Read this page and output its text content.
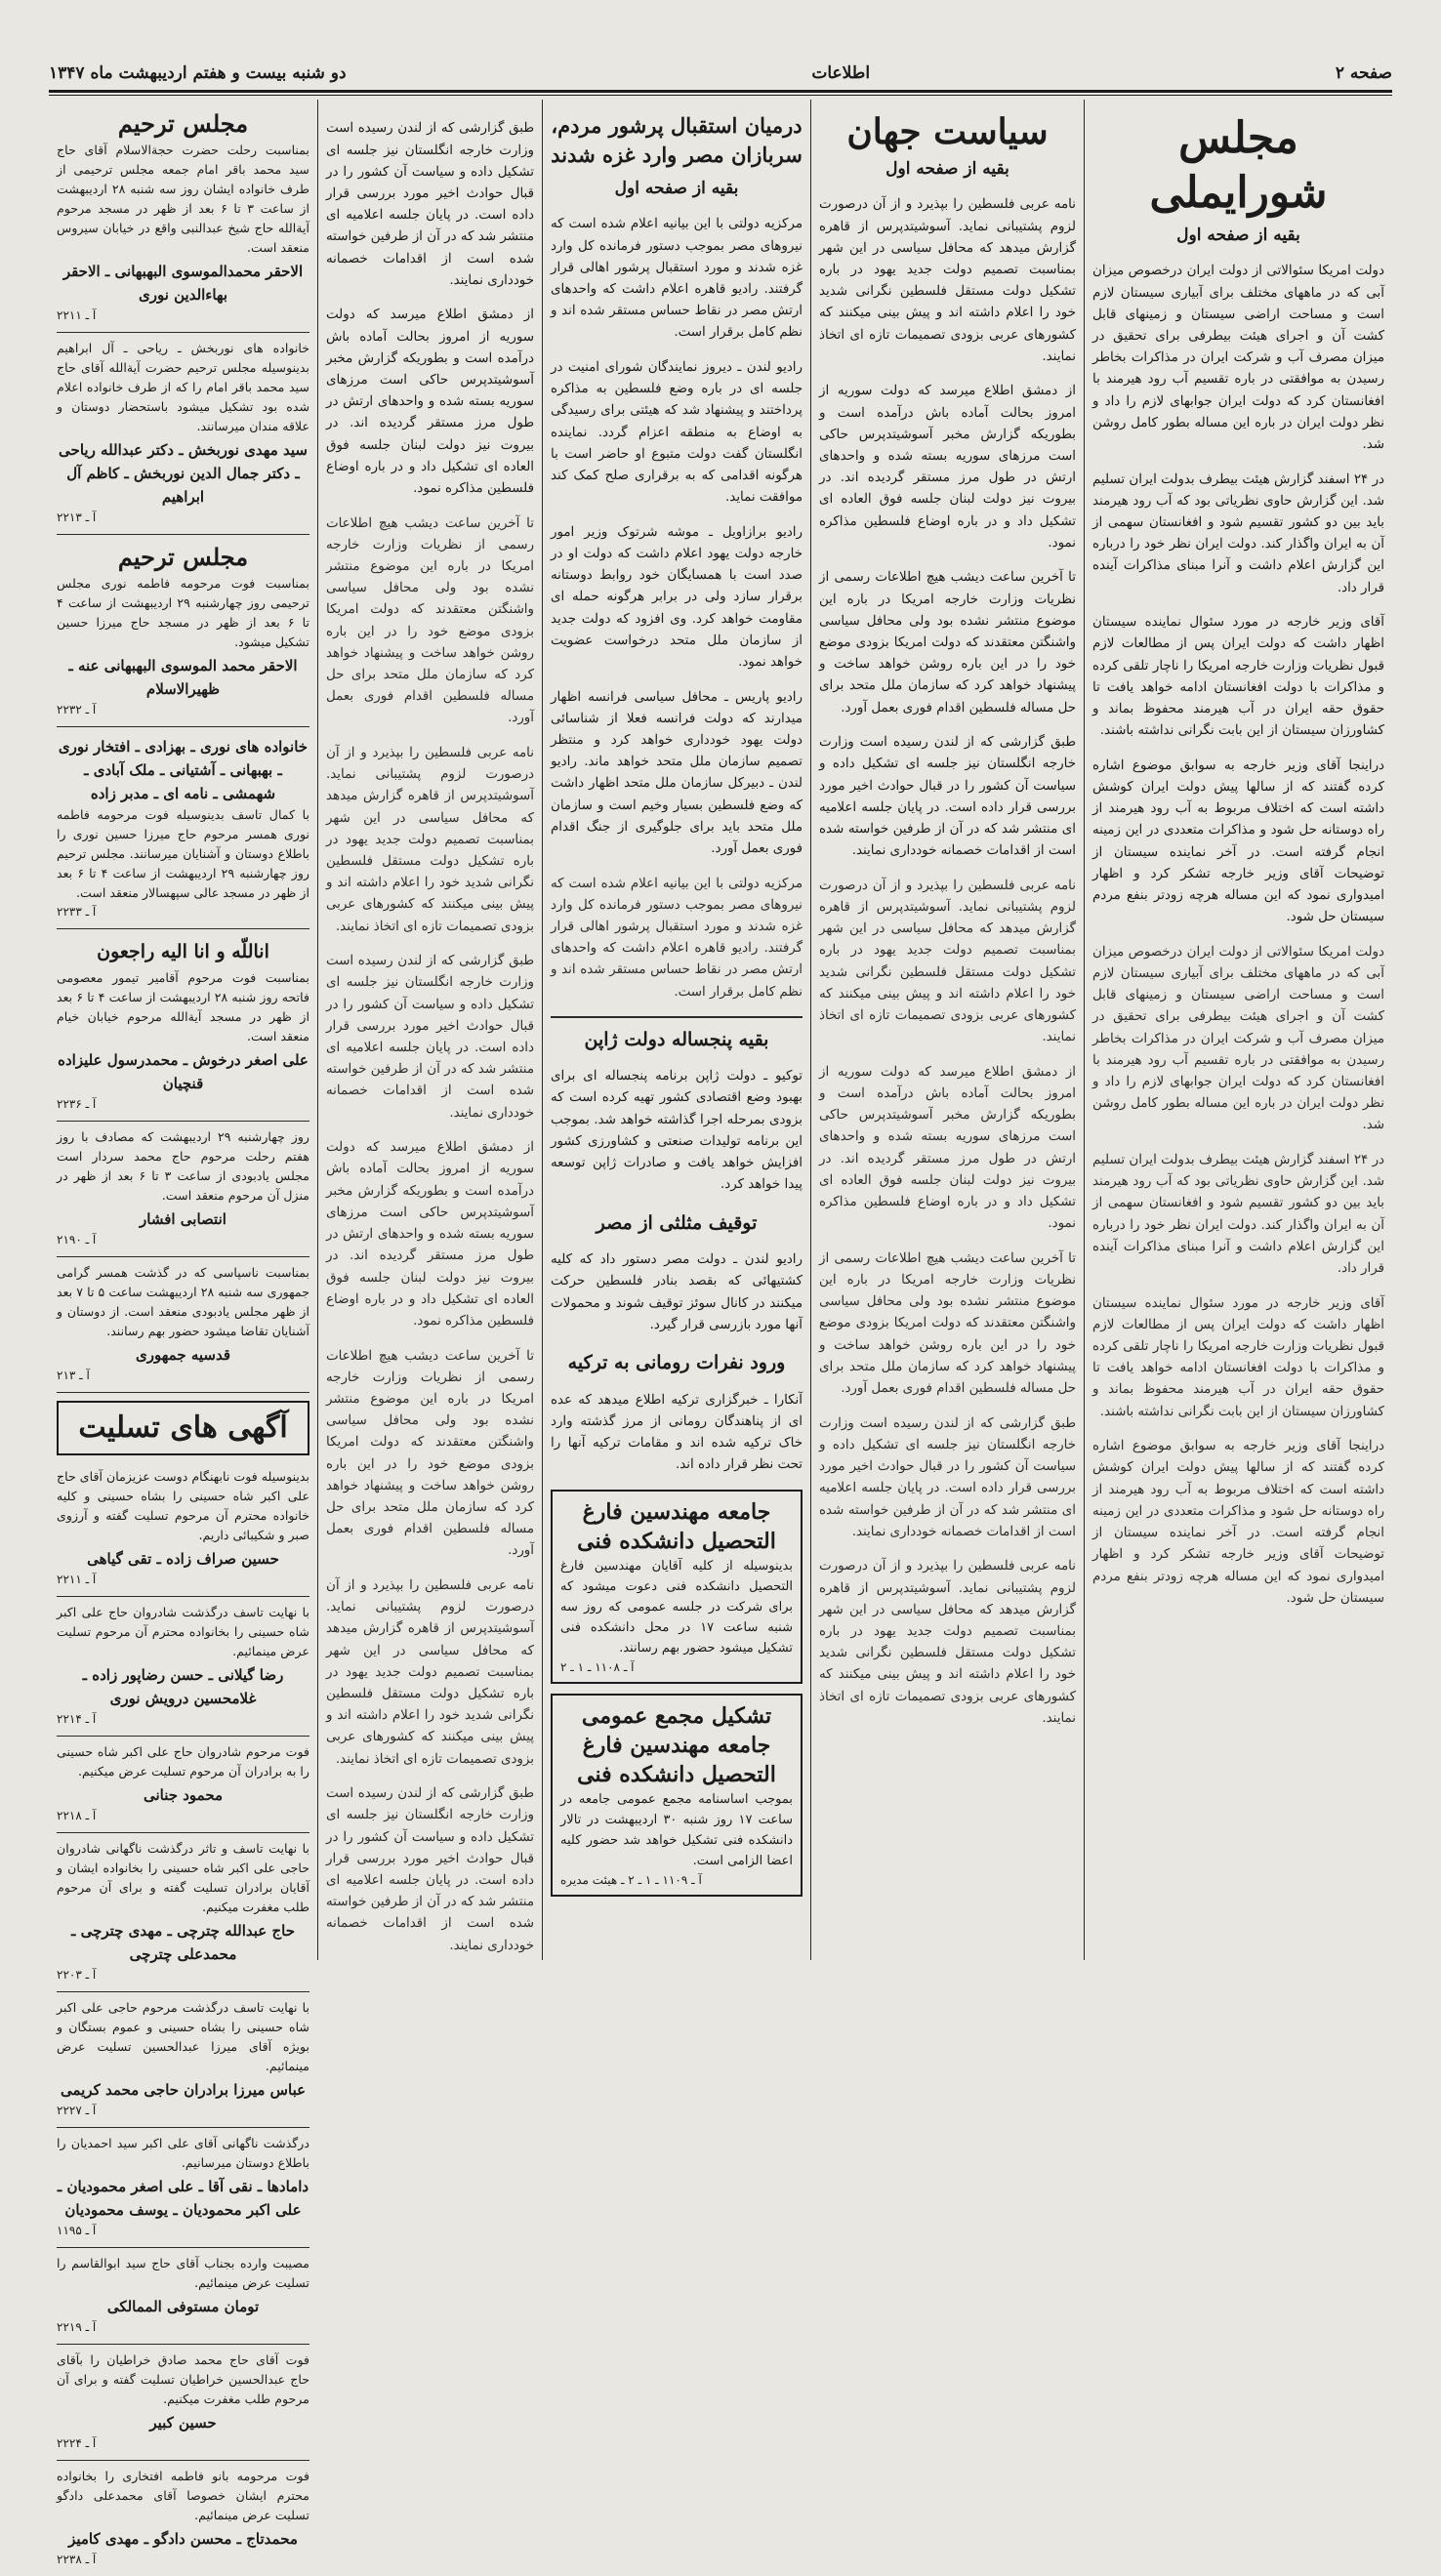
صفحه ۲
اطلاعات
دو شنبه بیست و هفتم اردیبهشت ماه ۱۳۴۷
مجلس شورایملی
بقیه از صفحه اول

دولت امریکا سئوالاتی از دولت ایران درخصوص میزان آبی که در ماههای مختلف برای آبیاری سیستان لازم است و مساحت اراضی سیستان و زمینهای قابل کشت آن و اجرای هیئت بیطرفی برای تحقیق در میزان مصرف آب و شرکت ایران در مذاکرات بخاطر رسیدن به موافقتی در باره تقسیم آب رود هیرمند با افغانستان کرد که دولت ایران جوابهای لازم را داد و نظر دولت ایران در باره این مساله بطور کامل روشن شد.

در ۲۴ اسفند گزارش هیئت بیطرف بدولت ایران تسلیم شد. این گزارش حاوی نظریاتی بود که آب رود هیرمند باید بین دو کشور تقسیم شود و افغانستان سهمی از آن به ایران واگذار کند. دولت ایران نظر خود را درباره این گزارش اعلام داشت و آنرا مبنای مذاکرات آینده قرار داد.

آقای وزیر خارجه در مورد سئوال نماینده سیستان اظهار داشت که دولت ایران پس از مطالعات لازم قبول نظریات وزارت خارجه امریکا را ناچار تلقی کرده و مذاکرات با دولت افغانستان ادامه خواهد یافت تا حقوق حقه ایران در آب هیرمند محفوظ بماند و کشاورزان سیستان از این بابت نگرانی نداشته باشند.

دراینجا آقای وزیر خارجه به سوابق موضوع اشاره کرده گفتند که از سالها پیش دولت ایران کوشش داشته است که اختلاف مربوط به آب رود هیرمند از راه دوستانه حل شود و مذاکرات متعددی در این زمینه انجام گرفته است. در آخر نماینده سیستان از توضیحات آقای وزیر خارجه تشکر کرد و اظهار امیدواری نمود که این مساله هرچه زودتر بنفع مردم سیستان حل شود.

دولت امریکا سئوالاتی از دولت ایران درخصوص میزان آبی که در ماههای مختلف برای آبیاری سیستان لازم است و مساحت اراضی سیستان و زمینهای قابل کشت آن و اجرای هیئت بیطرفی برای تحقیق در میزان مصرف آب و شرکت ایران در مذاکرات بخاطر رسیدن به موافقتی در باره تقسیم آب رود هیرمند با افغانستان کرد که دولت ایران جوابهای لازم را داد و نظر دولت ایران در باره این مساله بطور کامل روشن شد.

در ۲۴ اسفند گزارش هیئت بیطرف بدولت ایران تسلیم شد. این گزارش حاوی نظریاتی بود که آب رود هیرمند باید بین دو کشور تقسیم شود و افغانستان سهمی از آن به ایران واگذار کند. دولت ایران نظر خود را درباره این گزارش اعلام داشت و آنرا مبنای مذاکرات آینده قرار داد.

آقای وزیر خارجه در مورد سئوال نماینده سیستان اظهار داشت که دولت ایران پس از مطالعات لازم قبول نظریات وزارت خارجه امریکا را ناچار تلقی کرده و مذاکرات با دولت افغانستان ادامه خواهد یافت تا حقوق حقه ایران در آب هیرمند محفوظ بماند و کشاورزان سیستان از این بابت نگرانی نداشته باشند.

دراینجا آقای وزیر خارجه به سوابق موضوع اشاره کرده گفتند که از سالها پیش دولت ایران کوشش داشته است که اختلاف مربوط به آب رود هیرمند از راه دوستانه حل شود و مذاکرات متعددی در این زمینه انجام گرفته است. در آخر نماینده سیستان از توضیحات آقای وزیر خارجه تشکر کرد و اظهار امیدواری نمود که این مساله هرچه زودتر بنفع مردم سیستان حل شود.

سیاست جهان
بقیه از صفحه اول

نامه عربی فلسطین را بپذیرد و از آن درصورت لزوم پشتیبانی نماید. آسوشیتدپرس از قاهره گزارش میدهد که محافل سیاسی در این شهر بمناسبت تصمیم دولت جدید یهود در باره تشکیل دولت مستقل فلسطین نگرانی شدید خود را اعلام داشته اند و پیش بینی میکنند که کشورهای عربی بزودی تصمیمات تازه ای اتخاذ نمایند.

از دمشق اطلاع میرسد که دولت سوریه از امروز بحالت آماده باش درآمده است و بطوریکه گزارش مخبر آسوشیتدپرس حاکی است مرزهای سوریه بسته شده و واحدهای ارتش در طول مرز مستقر گردیده اند. در بیروت نیز دولت لبنان جلسه فوق العاده ای تشکیل داد و در باره اوضاع فلسطین مذاکره نمود.

تا آخرین ساعت دیشب هیچ اطلاعات رسمی از نظریات وزارت خارجه امریکا در باره این موضوع منتشر نشده بود ولی محافل سیاسی واشنگتن معتقدند که دولت امریکا بزودی موضع خود را در این باره روشن خواهد ساخت و پیشنهاد خواهد کرد که سازمان ملل متحد برای حل مساله فلسطین اقدام فوری بعمل آورد.

طبق گزارشی که از لندن رسیده است وزارت خارجه انگلستان نیز جلسه ای تشکیل داده و سیاست آن کشور را در قبال حوادث اخیر مورد بررسی قرار داده است. در پایان جلسه اعلامیه ای منتشر شد که در آن از طرفین خواسته شده است از اقدامات خصمانه خودداری نمایند.

نامه عربی فلسطین را بپذیرد و از آن درصورت لزوم پشتیبانی نماید. آسوشیتدپرس از قاهره گزارش میدهد که محافل سیاسی در این شهر بمناسبت تصمیم دولت جدید یهود در باره تشکیل دولت مستقل فلسطین نگرانی شدید خود را اعلام داشته اند و پیش بینی میکنند که کشورهای عربی بزودی تصمیمات تازه ای اتخاذ نمایند.

از دمشق اطلاع میرسد که دولت سوریه از امروز بحالت آماده باش درآمده است و بطوریکه گزارش مخبر آسوشیتدپرس حاکی است مرزهای سوریه بسته شده و واحدهای ارتش در طول مرز مستقر گردیده اند. در بیروت نیز دولت لبنان جلسه فوق العاده ای تشکیل داد و در باره اوضاع فلسطین مذاکره نمود.

تا آخرین ساعت دیشب هیچ اطلاعات رسمی از نظریات وزارت خارجه امریکا در باره این موضوع منتشر نشده بود ولی محافل سیاسی واشنگتن معتقدند که دولت امریکا بزودی موضع خود را در این باره روشن خواهد ساخت و پیشنهاد خواهد کرد که سازمان ملل متحد برای حل مساله فلسطین اقدام فوری بعمل آورد.

طبق گزارشی که از لندن رسیده است وزارت خارجه انگلستان نیز جلسه ای تشکیل داده و سیاست آن کشور را در قبال حوادث اخیر مورد بررسی قرار داده است. در پایان جلسه اعلامیه ای منتشر شد که در آن از طرفین خواسته شده است از اقدامات خصمانه خودداری نمایند.

نامه عربی فلسطین را بپذیرد و از آن درصورت لزوم پشتیبانی نماید. آسوشیتدپرس از قاهره گزارش میدهد که محافل سیاسی در این شهر بمناسبت تصمیم دولت جدید یهود در باره تشکیل دولت مستقل فلسطین نگرانی شدید خود را اعلام داشته اند و پیش بینی میکنند که کشورهای عربی بزودی تصمیمات تازه ای اتخاذ نمایند.

درمیان استقبال پرشور مردم، سربازان مصر وارد غزه شدند
بقیه از صفحه اول

مرکزیه دولتی با این بیانیه اعلام شده است که نیروهای مصر بموجب دستور فرمانده کل وارد غزه شدند و مورد استقبال پرشور اهالی قرار گرفتند. رادیو قاهره اعلام داشت که واحدهای ارتش مصر در نقاط حساس مستقر شده اند و نظم کامل برقرار است.

رادیو لندن ـ دیروز نمایندگان شورای امنیت در جلسه ای در باره وضع فلسطین به مذاکره پرداختند و پیشنهاد شد که هیئتی برای رسیدگی به اوضاع به منطقه اعزام گردد. نماینده انگلستان گفت دولت متبوع او حاضر است با هرگونه اقدامی که به برقراری صلح کمک کند موافقت نماید.

رادیو برازاویل ـ موشه شرتوک وزیر امور خارجه دولت یهود اعلام داشت که دولت او در صدد است با همسایگان خود روابط دوستانه برقرار سازد ولی در برابر هرگونه حمله ای مقاومت خواهد کرد. وی افزود که دولت جدید از سازمان ملل متحد درخواست عضویت خواهد نمود.

رادیو پاریس ـ محافل سیاسی فرانسه اظهار میدارند که دولت فرانسه فعلا از شناسائی دولت یهود خودداری خواهد کرد و منتظر تصمیم سازمان ملل متحد خواهد ماند. رادیو لندن ـ دبیرکل سازمان ملل متحد اظهار داشت که وضع فلسطین بسیار وخیم است و سازمان ملل متحد باید برای جلوگیری از جنگ اقدام فوری بعمل آورد.

مرکزیه دولتی با این بیانیه اعلام شده است که نیروهای مصر بموجب دستور فرمانده کل وارد غزه شدند و مورد استقبال پرشور اهالی قرار گرفتند. رادیو قاهره اعلام داشت که واحدهای ارتش مصر در نقاط حساس مستقر شده اند و نظم کامل برقرار است.

بقیه پنجساله دولت ژاپن

توکیو ـ دولت ژاپن برنامه پنجساله ای برای بهبود وضع اقتصادی کشور تهیه کرده است که بزودی بمرحله اجرا گذاشته خواهد شد. بموجب این برنامه تولیدات صنعتی و کشاورزی کشور افزایش خواهد یافت و صادرات ژاپن توسعه پیدا خواهد کرد.

توقیف مثلثی از مصر

رادیو لندن ـ دولت مصر دستور داد که کلیه کشتیهائی که بقصد بنادر فلسطین حرکت میکنند در کانال سوئز توقیف شوند و محمولات آنها مورد بازرسی قرار گیرد.

ورود نفرات رومانی به ترکیه

آنکارا ـ خبرگزاری ترکیه اطلاع میدهد که عده ای از پناهندگان رومانی از مرز گذشته وارد خاک ترکیه شده اند و مقامات ترکیه آنها را تحت نظر قرار داده اند.

جامعه مهندسین فارغ التحصیل دانشکده فنی
بدینوسیله از کلیه آقایان مهندسین فارغ التحصیل دانشکده فنی دعوت میشود که برای شرکت در جلسه عمومی که روز سه شنبه ساعت ۱۷ در محل دانشکده فنی تشکیل میشود حضور بهم رسانند.
آ ـ ۱۱۰۸ ـ ۱ ـ ۲
تشکیل مجمع عمومی جامعه مهندسین فارغ التحصیل دانشکده فنی
بموجب اساسنامه مجمع عمومی جامعه در ساعت ۱۷ روز شنبه ۳۰ اردیبهشت در تالار دانشکده فنی تشکیل خواهد شد حضور کلیه اعضا الزامی است.
آ ـ ۱۱۰۹ ـ ۱ ـ ۲ ـ هیئت مدیره

طبق گزارشی که از لندن رسیده است وزارت خارجه انگلستان نیز جلسه ای تشکیل داده و سیاست آن کشور را در قبال حوادث اخیر مورد بررسی قرار داده است. در پایان جلسه اعلامیه ای منتشر شد که در آن از طرفین خواسته شده است از اقدامات خصمانه خودداری نمایند.

از دمشق اطلاع میرسد که دولت سوریه از امروز بحالت آماده باش درآمده است و بطوریکه گزارش مخبر آسوشیتدپرس حاکی است مرزهای سوریه بسته شده و واحدهای ارتش در طول مرز مستقر گردیده اند. در بیروت نیز دولت لبنان جلسه فوق العاده ای تشکیل داد و در باره اوضاع فلسطین مذاکره نمود.

تا آخرین ساعت دیشب هیچ اطلاعات رسمی از نظریات وزارت خارجه امریکا در باره این موضوع منتشر نشده بود ولی محافل سیاسی واشنگتن معتقدند که دولت امریکا بزودی موضع خود را در این باره روشن خواهد ساخت و پیشنهاد خواهد کرد که سازمان ملل متحد برای حل مساله فلسطین اقدام فوری بعمل آورد.

نامه عربی فلسطین را بپذیرد و از آن درصورت لزوم پشتیبانی نماید. آسوشیتدپرس از قاهره گزارش میدهد که محافل سیاسی در این شهر بمناسبت تصمیم دولت جدید یهود در باره تشکیل دولت مستقل فلسطین نگرانی شدید خود را اعلام داشته اند و پیش بینی میکنند که کشورهای عربی بزودی تصمیمات تازه ای اتخاذ نمایند.

طبق گزارشی که از لندن رسیده است وزارت خارجه انگلستان نیز جلسه ای تشکیل داده و سیاست آن کشور را در قبال حوادث اخیر مورد بررسی قرار داده است. در پایان جلسه اعلامیه ای منتشر شد که در آن از طرفین خواسته شده است از اقدامات خصمانه خودداری نمایند.

از دمشق اطلاع میرسد که دولت سوریه از امروز بحالت آماده باش درآمده است و بطوریکه گزارش مخبر آسوشیتدپرس حاکی است مرزهای سوریه بسته شده و واحدهای ارتش در طول مرز مستقر گردیده اند. در بیروت نیز دولت لبنان جلسه فوق العاده ای تشکیل داد و در باره اوضاع فلسطین مذاکره نمود.

تا آخرین ساعت دیشب هیچ اطلاعات رسمی از نظریات وزارت خارجه امریکا در باره این موضوع منتشر نشده بود ولی محافل سیاسی واشنگتن معتقدند که دولت امریکا بزودی موضع خود را در این باره روشن خواهد ساخت و پیشنهاد خواهد کرد که سازمان ملل متحد برای حل مساله فلسطین اقدام فوری بعمل آورد.

نامه عربی فلسطین را بپذیرد و از آن درصورت لزوم پشتیبانی نماید. آسوشیتدپرس از قاهره گزارش میدهد که محافل سیاسی در این شهر بمناسبت تصمیم دولت جدید یهود در باره تشکیل دولت مستقل فلسطین نگرانی شدید خود را اعلام داشته اند و پیش بینی میکنند که کشورهای عربی بزودی تصمیمات تازه ای اتخاذ نمایند.

طبق گزارشی که از لندن رسیده است وزارت خارجه انگلستان نیز جلسه ای تشکیل داده و سیاست آن کشور را در قبال حوادث اخیر مورد بررسی قرار داده است. در پایان جلسه اعلامیه ای منتشر شد که در آن از طرفین خواسته شده است از اقدامات خصمانه خودداری نمایند.

مجلس ترحیم
بمناسبت رحلت حضرت حجةالاسلام آقای حاج سید محمد باقر امام جمعه مجلس ترحیمی از طرف خانواده ایشان روز سه شنبه ۲۸ اردیبهشت از ساعت ۳ تا ۶ بعد از ظهر در مسجد مرحوم آیةالله حاج شیخ عبدالنبی واقع در خیابان سیروس منعقد است.
الاحقر محمدالموسوی البهبهانی ـ الاحقر بهاءالدین نوری
آ ـ ۲۲۱۱
خانواده های نوربخش ـ ریاحی ـ آل ابراهیم بدینوسیله مجلس ترحیم حضرت آیةالله آقای حاج سید محمد باقر امام را که از طرف خانواده اعلام شده بود تشکیل میشود باستحضار دوستان و علاقه مندان میرسانند.
سید مهدی نوربخش ـ دکتر عبدالله ریاحی ـ دکتر جمال الدین نوربخش ـ کاظم آل ابراهیم
آ ـ ۲۲۱۳
مجلس ترحیم
بمناسبت فوت مرحومه فاطمه نوری مجلس ترحیمی روز چهارشنبه ۲۹ اردیبهشت از ساعت ۴ تا ۶ بعد از ظهر در مسجد حاج میرزا حسین تشکیل میشود.
الاحقر محمد الموسوی البهبهانی عنه ـ ظهیرالاسلام
آ ـ ۲۲۳۲
خانواده های نوری ـ بهزادی ـ افتخار نوری ـ بهبهانی ـ آشتیانی ـ ملک آبادی ـ شهمشی ـ نامه ای ـ مدبر زاده
با کمال تاسف بدینوسیله فوت مرحومه فاطمه نوری همسر مرحوم حاج میرزا حسین نوری را باطلاع دوستان و آشنایان میرسانند. مجلس ترحیم روز چهارشنبه ۲۹ اردیبهشت از ساعت ۴ تا ۶ بعد از ظهر در مسجد عالی سپهسالار منعقد است.
آ ـ ۲۲۳۳
اناللّه و انا الیه راجعون
بمناسبت فوت مرحوم آقامیر تیمور معصومی فاتحه روز شنبه ۲۸ اردیبهشت از ساعت ۴ تا ۶ بعد از ظهر در مسجد آیةالله مرحوم خیابان خیام منعقد است.
علی اصغر درخوش ـ محمدرسول علیزاده قنچیان
آ ـ ۲۲۳۶
روز چهارشنبه ۲۹ اردیبهشت که مصادف با روز هفتم رحلت مرحوم حاج محمد سردار است مجلس یادبودی از ساعت ۳ تا ۶ بعد از ظهر در منزل آن مرحوم منعقد است.
انتصابی افشار
آ ـ ۲۱۹۰
بمناسبت ناسپاسی که در گذشت همسر گرامی جمهوری سه شنبه ۲۸ اردیبهشت ساعت ۵ تا ۷ بعد از ظهر مجلس یادبودی منعقد است. از دوستان و آشنایان تقاضا میشود حضور بهم رسانند.
قدسیه جمهوری
آ ـ ۲۱۳
آگهی های تسلیت
بدینوسیله فوت نابهنگام دوست عزیزمان آقای حاج علی اکبر شاه حسینی را بشاه حسینی و کلیه خانواده محترم آن مرحوم تسلیت گفته و آرزوی صبر و شکیبائی داریم.
حسین صراف زاده ـ تقی گیاهی
آ ـ ۲۲۱۱
با نهایت تاسف درگذشت شادروان حاج علی اکبر شاه حسینی را بخانواده محترم آن مرحوم تسلیت عرض مینمائیم.
رضا گیلانی ـ حسن رضاپور زاده ـ غلامحسین درویش نوری
آ ـ ۲۲۱۴
فوت مرحوم شادروان حاج علی اکبر شاه حسینی را به برادران آن مرحوم تسلیت عرض میکنیم.
محمود جنانی
آ ـ ۲۲۱۸
با نهایت تاسف و تاثر درگذشت ناگهانی شادروان حاجی علی اکبر شاه حسینی را بخانواده ایشان و آقایان برادران تسلیت گفته و برای آن مرحوم طلب مغفرت میکنیم.
حاج عبدالله چترچی ـ مهدی چترچی ـ محمدعلی چترچی
آ ـ ۲۲۰۳
با نهایت تاسف درگذشت مرحوم حاجی علی اکبر شاه حسینی را بشاه حسینی و عموم بستگان و بویژه آقای میرزا عبدالحسین تسلیت عرض مینمائیم.
عباس میرزا برادران حاجی محمد کریمی
آ ـ ۲۲۲۷
درگذشت ناگهانی آقای علی اکبر سید احمدیان را باطلاع دوستان میرسانیم.
دامادها ـ نقی آقا ـ علی اصغر محمودیان ـ علی اکبر محمودیان ـ یوسف محمودیان
آ ـ ۱۱۹۵
مصیبت وارده بجناب آقای حاج سید ابوالقاسم را تسلیت عرض مینمائیم.
تومان مستوفی الممالکی
آ ـ ۲۲۱۹
فوت آقای حاج محمد صادق خراطیان را بآقای حاج عبدالحسین خراطیان تسلیت گفته و برای آن مرحوم طلب مغفرت میکنیم.
حسین کبیر
آ ـ ۲۲۲۴
فوت مرحومه بانو فاطمه افتخاری را بخانواده محترم ایشان خصوصا آقای محمدعلی دادگو تسلیت عرض مینمائیم.
محمدتاج ـ محسن دادگو ـ مهدی کامیز
آ ـ ۲۲۳۸
